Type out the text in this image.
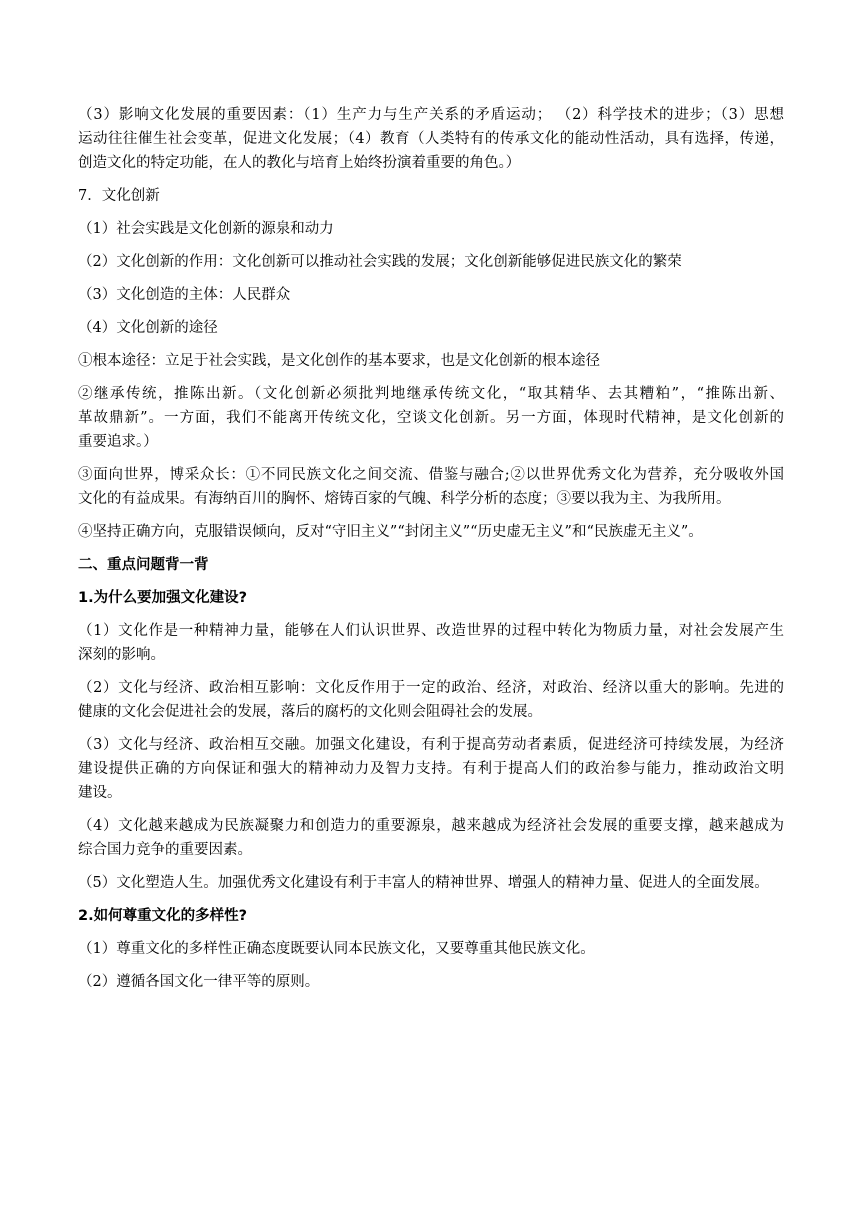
（3）影响文化发展的重要因素：（1）生产力与生产关系的矛盾运动； （2）科学技术的进步；（3）思想

运动往往催生社会变革，促进文化发展；（4）教育（人类特有的传承文化的能动性活动，具有选择，传递，

创造文化的特定功能，在人的教化与培育上始终扮演着重要的角色。）

7．文化创新

（1）社会实践是文化创新的源泉和动力

（2）文化创新的作用：文化创新可以推动社会实践的发展；文化创新能够促进民族文化的繁荣

（3）文化创造的主体：人民群众

（4）文化创新的途径

①根本途径：立足于社会实践，是文化创作的基本要求，也是文化创新的根本途径

②继承传统，推陈出新。（文化创新必须批判地继承传统文化，“取其精华、去其糟粕”，“推陈出新、

革故鼎新”。一方面，我们不能离开传统文化，空谈文化创新。另一方面，体现时代精神，是文化创新的

重要追求。）

③面向世界，博采众长：①不同民族文化之间交流、借鉴与融合;②以世界优秀文化为营养，充分吸收外国

文化的有益成果。有海纳百川的胸怀、熔铸百家的气魄、科学分析的态度；③要以我为主、为我所用。

④坚持正确方向，克服错误倾向，反对“守旧主义”“封闭主义”“历史虚无主义”和“民族虚无主义”。

二、重点问题背一背

1.为什么要加强文化建设?

（1）文化作是一种精神力量，能够在人们认识世界、改造世界的过程中转化为物质力量，对社会发展产生

深刻的影响。

（2）文化与经济、政治相互影响：文化反作用于一定的政治、经济，对政治、经济以重大的影响。先进的

健康的文化会促进社会的发展，落后的腐朽的文化则会阻碍社会的发展。

（3）文化与经济、政治相互交融。加强文化建设，有利于提高劳动者素质，促进经济可持续发展，为经济

建设提供正确的方向保证和强大的精神动力及智力支持。有利于提高人们的政治参与能力，推动政治文明

建设。

（4）文化越来越成为民族凝聚力和创造力的重要源泉，越来越成为经济社会发展的重要支撑，越来越成为

综合国力竞争的重要因素。

（5）文化塑造人生。加强优秀文化建设有利于丰富人的精神世界、增强人的精神力量、促进人的全面发展。

2.如何尊重文化的多样性?

（1）尊重文化的多样性正确态度既要认同本民族文化，又要尊重其他民族文化。

（2）遵循各国文化一律平等的原则。
